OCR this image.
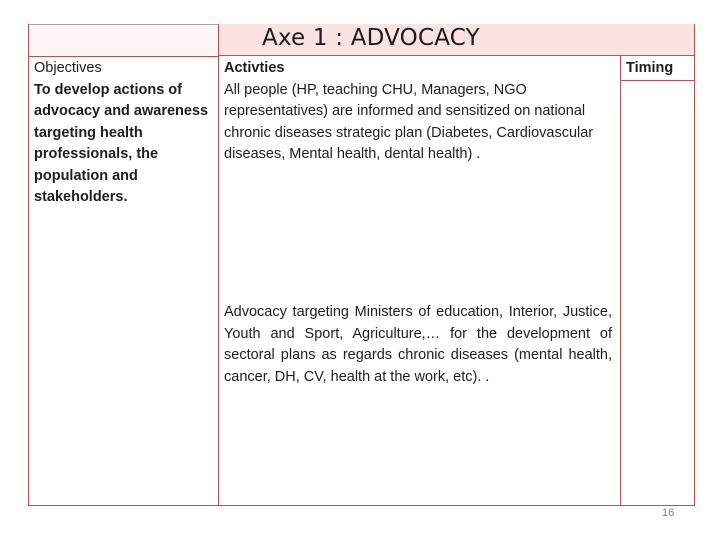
Axe 1 : ADVOCACY
Objectives
To develop actions of advocacy and awareness targeting health professionals, the population and stakeholders.
Activties
All people (HP, teaching CHU, Managers, NGO representatives) are informed and sensitized on national chronic diseases strategic plan (Diabetes, Cardiovascular diseases, Mental health, dental health) .
Advocacy targeting Ministers of education, Interior, Justice, Youth and Sport, Agriculture,… for the development of sectoral plans as regards chronic diseases (mental health, cancer, DH, CV, health at the work, etc). .
Timing
16
